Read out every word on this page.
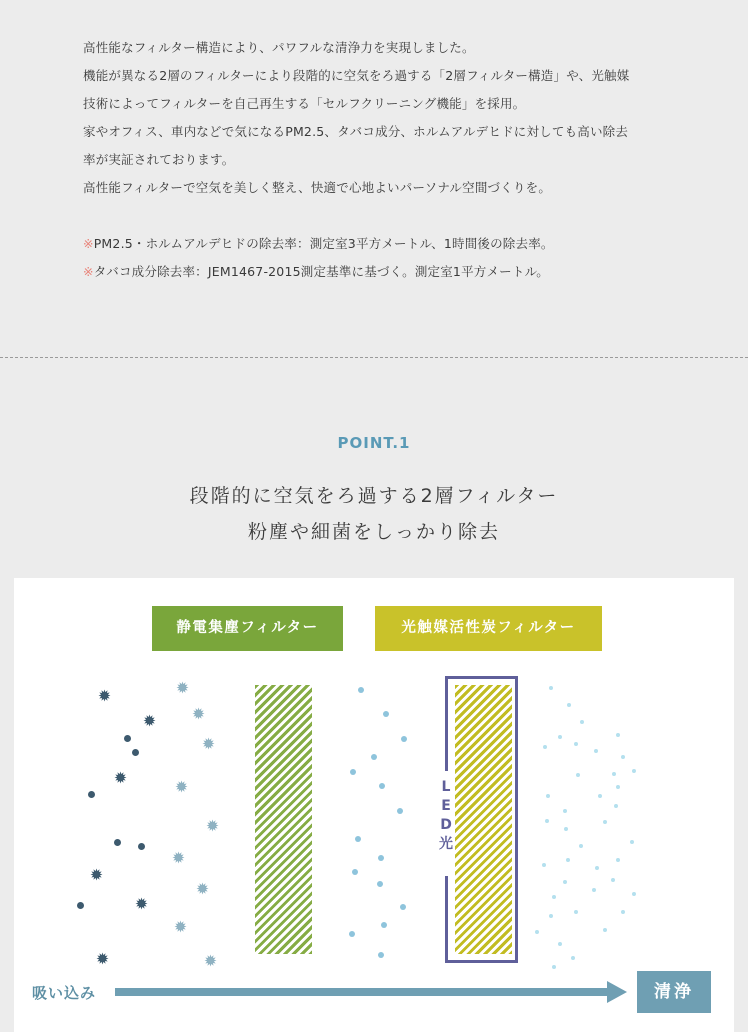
高性能なフィルター構造により、パワフルな清浄力を実現しました。

機能が異なる2層のフィルターにより段階的に空気をろ過する「2層フィルター構造」や、光触媒

技術によってフィルターを自己再生する「セルフクリーニング機能」を採用。

家やオフィス、車内などで気になるPM2.5、タバコ成分、ホルムアルデヒドに対しても高い除去

率が実証されております。

高性能フィルターで空気を美しく整え、快適で心地よいパーソナル空間づくりを。

※PM2.5・ホルムアルデヒドの除去率：測定室3平方メートル、1時間後の除去率。

※タバコ成分除去率：JEM1467-2015測定基準に基づく。測定室1平方メートル。

POINT.1

段階的に空気をろ過する2層フィルター

粉塵や細菌をしっかり除去

静電集塵フィルター	光触媒活性炭フィルター
L
E
D
光
吸い込み	清浄
